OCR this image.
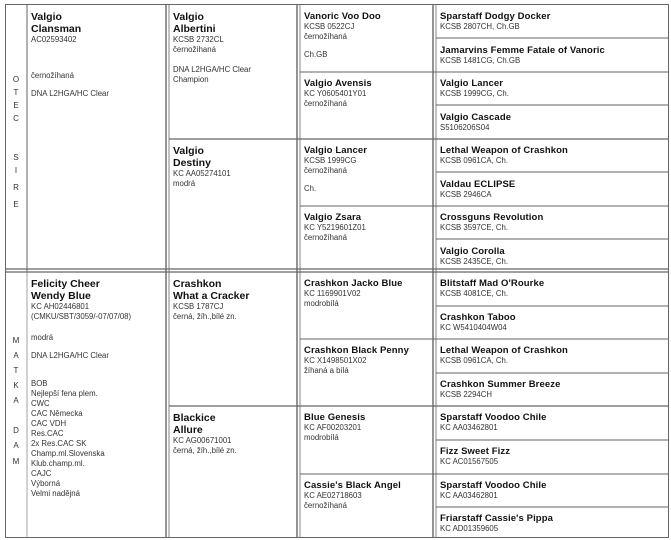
O
T
E
C
S
I
R
E
M
A
T
K
A
D
A
M
Valgio
Clansman
AC02593402
černožíhaná
DNA L2HGA/HC Clear
Felicity Cheer
Wendy Blue
KC AH02446801
(CMKU/SBT/3059/-07/07/08)
modrá
DNA L2HGA/HC Clear
BOB
Nejlepší fena plem.
CWC
CAC Německa
CAC VDH
Res.CAC
2x Res.CAC SK
Champ.ml.Slovenska
Klub.champ.ml.
CAJC
Výborná
Velmi nadějná
Valgio
Albertini
KCSB 2732CL
černožíhaná
DNA L2HGA/HC Clear
Champion
Valgio
Destiny
KC AA05274101
modrá
Crashkon
What a Cracker
KCSB 1787CJ
černá, žíh.,bílé zn.
Blackice
Allure
KC AG00671001
černá, žíh.,bílé zn.
Vanoric Voo Doo
KCSB 0522CJ
černožíhaná
Ch.GB
Valgio Avensis
KC Y0605401Y01
černožíhaná
Valgio Lancer
KCSB 1999CG
černožíhaná
Ch.
Valgio Zsara
KC Y5219601Z01
černožíhaná
Crashkon Jacko Blue
KC 1169901V02
modrobílá
Crashkon Black Penny
KC X1498501X02
žíhaná a bílá
Blue Genesis
KC AF00203201
modrobílá
Cassie's Black Angel
KC AE02718603
černožíhaná
Sparstaff Dodgy Docker
KCSB 2807CH, Ch.GB
Jamarvins Femme Fatale of Vanoric
KCSB 1481CG, Ch.GB
Valgio Lancer
KCSB 1999CG, Ch.
Valgio Cascade
S5106206S04
Lethal Weapon of Crashkon
KCSB 0961CA, Ch.
Valdau ECLIPSE
KCSB 2946CA
Crossguns Revolution
KCSB 3597CE, Ch.
Valgio Corolla
KCSB 2435CE, Ch.
Blitstaff Mad O'Rourke
KCSB 4081CE, Ch.
Crashkon Taboo
KC W5410404W04
Lethal Weapon of Crashkon
KCSB 0961CA, Ch.
Crashkon Summer Breeze
KCSB 2294CH
Sparstaff Voodoo Chile
KC AA03462801
Fizz Sweet Fizz
KC AC01567505
Sparstaff Voodoo Chile
KC AA03462801
Friarstaff Cassie's Pippa
KC AD01359605
